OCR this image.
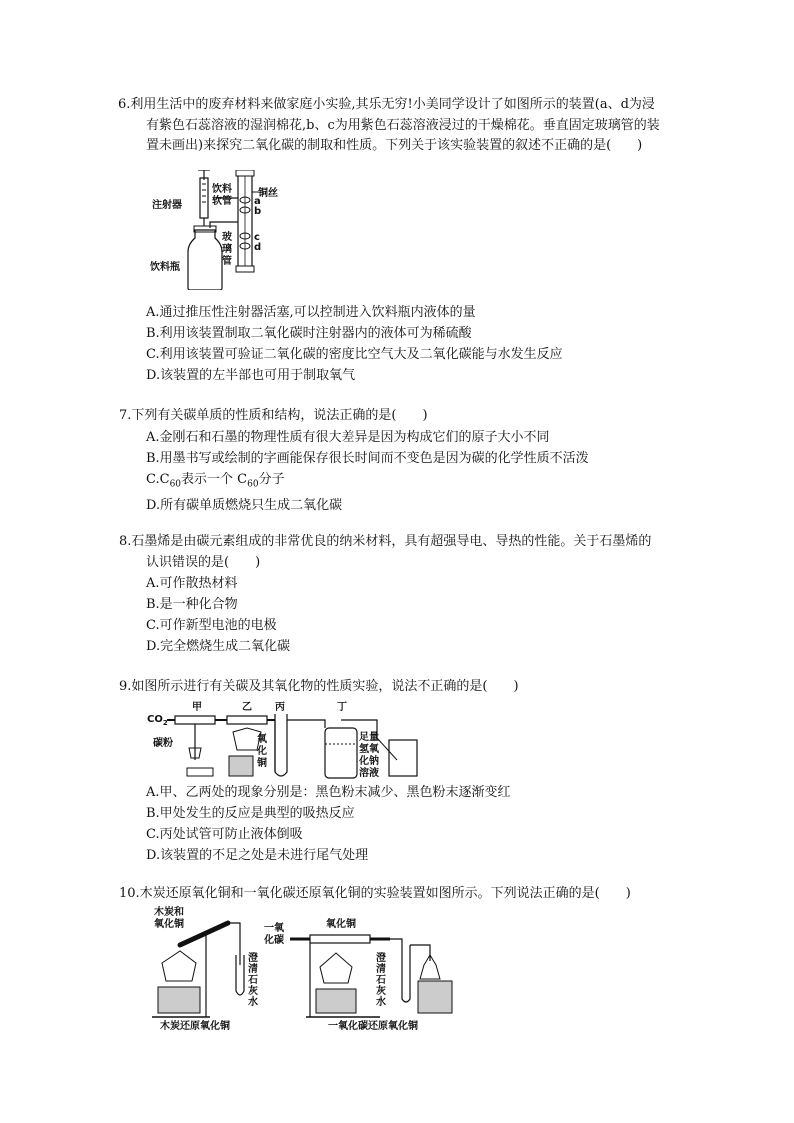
6.利用生活中的废弃材料来做家庭小实验,其乐无穷!小美同学设计了如图所示的装置(a、d为浸
有紫色石蕊溶液的湿润棉花,b、c为用紫色石蕊溶液浸过的干燥棉花。垂直固定玻璃管的装
置未画出)来探究二氧化碳的制取和性质。下列关于该实验装置的叙述不正确的是(　　)

注射器
饮料
软管
铜丝
a
b
c
d
玻
璃
管
饮料瓶

A.通过推压性注射器活塞,可以控制进入饮料瓶内液体的量

B.利用该装置制取二氧化碳时注射器内的液体可为稀硫酸

C.利用该装置可验证二氧化碳的密度比空气大及二氧化碳能与水发生反应

D.该装置的左半部也可用于制取氧气

7.下列有关碳单质的性质和结构，说法正确的是(　　)

A.金刚石和石墨的物理性质有很大差异是因为构成它们的原子大小不同

B.用墨书写或绘制的字画能保存很长时间而不变色是因为碳的化学性质不活泼

$C.C_{60}$表示一个 $C_{60}$分子

D.所有碳单质燃烧只生成二氧化碳

8.石墨烯是由碳元素组成的非常优良的纳米材料，具有超强导电、导热的性能。关于石墨烯的
认识错误的是(　　)

A.可作散热材料

B.是一种化合物

C.可作新型电池的电极

D.完全燃烧生成二氧化碳

9.如图所示进行有关碳及其氧化物的性质实验，说法不正确的是(　　)

$CO_2$
甲	乙 丙	丁
碳粉	氧
化
铜
足量
氢氧
化钠
溶液

A.甲、乙两处的现象分别是：黑色粉末减少、黑色粉末逐渐变红

B.甲处发生的反应是典型的吸热反应

C.丙处试管可防止液体倒吸

D.该装置的不足之处是未进行尾气处理

10.木炭还原氧化铜和一氧化碳还原氧化铜的实验装置如图所示。下列说法正确的是(　　)

木炭和
氧化铜
澄
清
石
灰
水
木炭还原氧化铜
一氧
化碳
氧化铜
澄
清
石
灰
水
一氧化碳还原氧化铜
